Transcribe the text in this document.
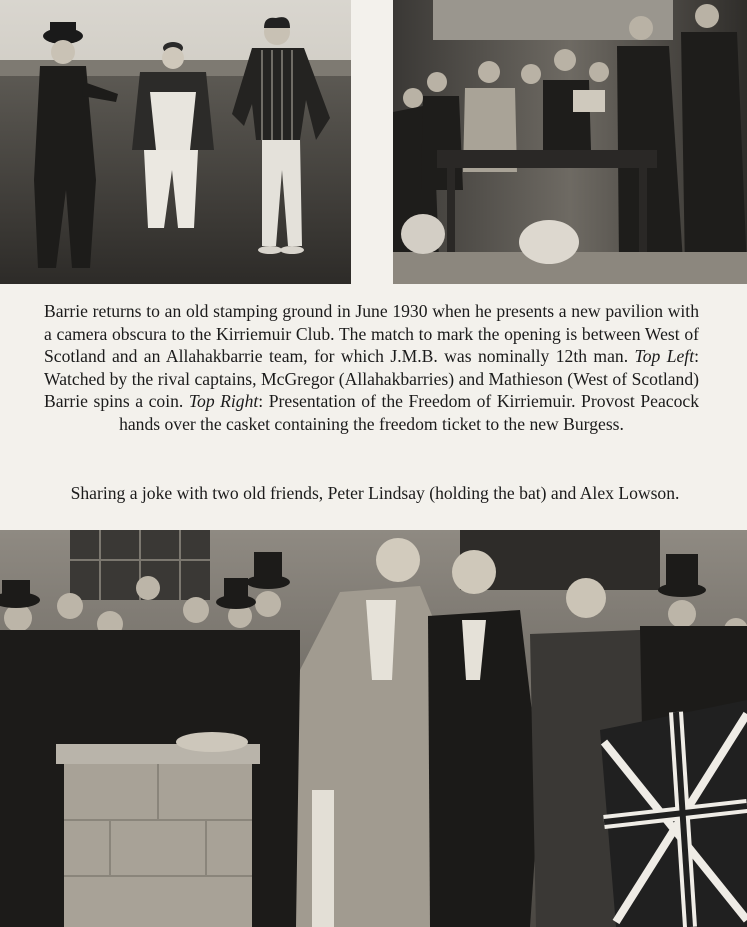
Barrie returns to an old stamping ground in June 1930 when he presents a new pavilion with a camera obscura to the Kirriemuir Club. The match to mark the opening is between West of Scotland and an Allahakbarrie team, for which J.M.B. was nominally 12th man. Top Left: Watched by the rival captains, McGregor (Allahakbarries) and Mathieson (West of Scotland) Barrie spins a coin. Top Right: Presentation of the Freedom of Kirriemuir. Provost Peacock hands over the casket containing the freedom ticket to the new Burgess.

Sharing a joke with two old friends, Peter Lindsay (holding the bat) and Alex Lowson.
